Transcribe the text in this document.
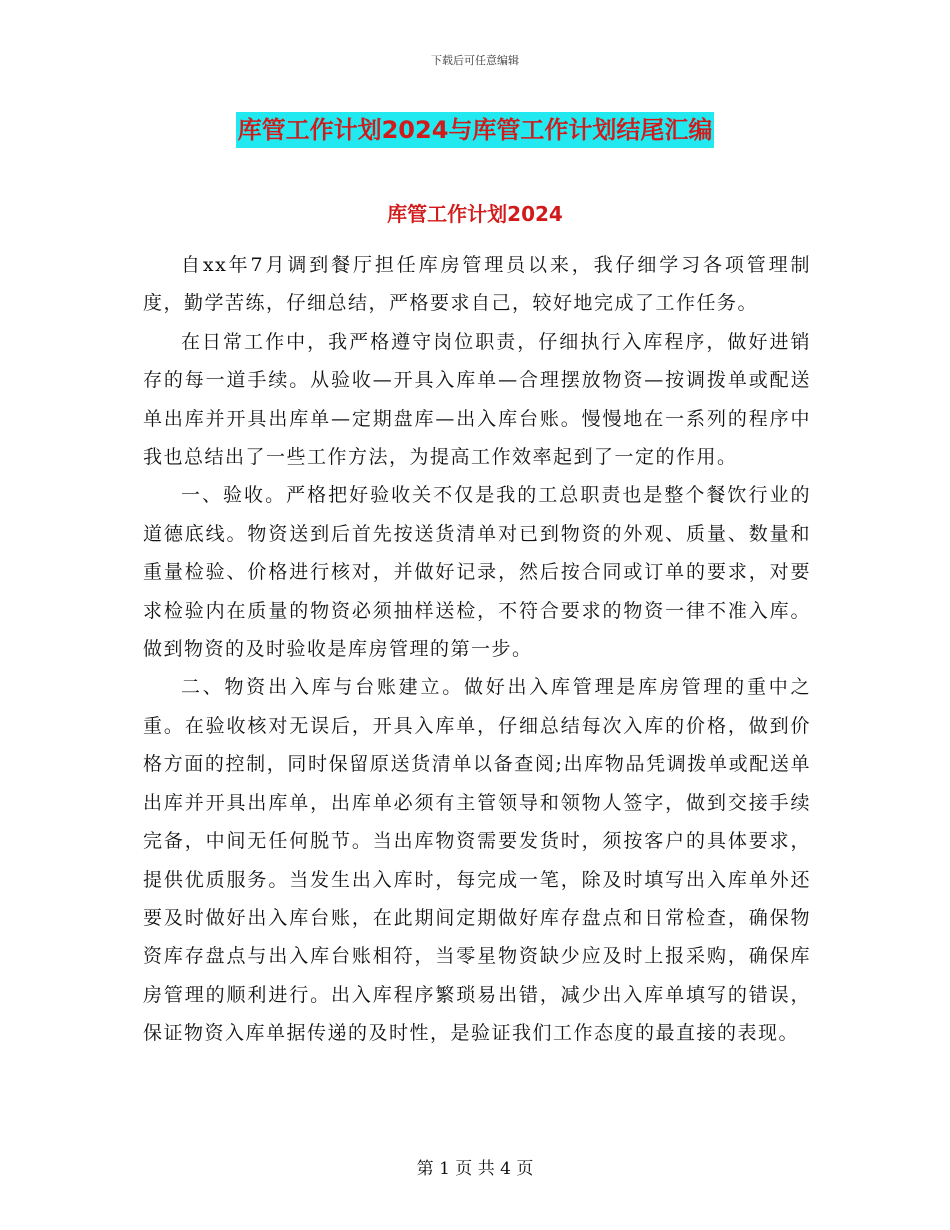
下载后可任意编辑
库管工作计划2024与库管工作计划结尾汇编
库管工作计划2024

自xx年7月调到餐厅担任库房管理员以来，我仔细学习各项管理制度，勤学苦练，仔细总结，严格要求自己，较好地完成了工作任务。

在日常工作中，我严格遵守岗位职责，仔细执行入库程序，做好进销存的每一道手续。从验收—开具入库单—合理摆放物资—按调拨单或配送单出库并开具出库单—定期盘库—出入库台账。慢慢地在一系列的程序中我也总结出了一些工作方法，为提高工作效率起到了一定的作用。

一、验收。严格把好验收关不仅是我的工总职责也是整个餐饮行业的道德底线。物资送到后首先按送货清单对已到物资的外观、质量、数量和重量检验、价格进行核对，并做好记录，然后按合同或订单的要求，对要求检验内在质量的物资必须抽样送检，不符合要求的物资一律不准入库。做到物资的及时验收是库房管理的第一步。

二、物资出入库与台账建立。做好出入库管理是库房管理的重中之重。在验收核对无误后，开具入库单，仔细总结每次入库的价格，做到价格方面的控制，同时保留原送货清单以备查阅;出库物品凭调拨单或配送单出库并开具出库单，出库单必须有主管领导和领物人签字，做到交接手续完备，中间无任何脱节。当出库物资需要发货时，须按客户的具体要求，提供优质服务。当发生出入库时，每完成一笔，除及时填写出入库单外还要及时做好出入库台账，在此期间定期做好库存盘点和日常检查，确保物资库存盘点与出入库台账相符，当零星物资缺少应及时上报采购，确保库房管理的顺利进行。出入库程序繁琐易出错，减少出入库单填写的错误，保证物资入库单据传递的及时性，是验证我们工作态度的最直接的表现。

第 1 页 共 4 页
